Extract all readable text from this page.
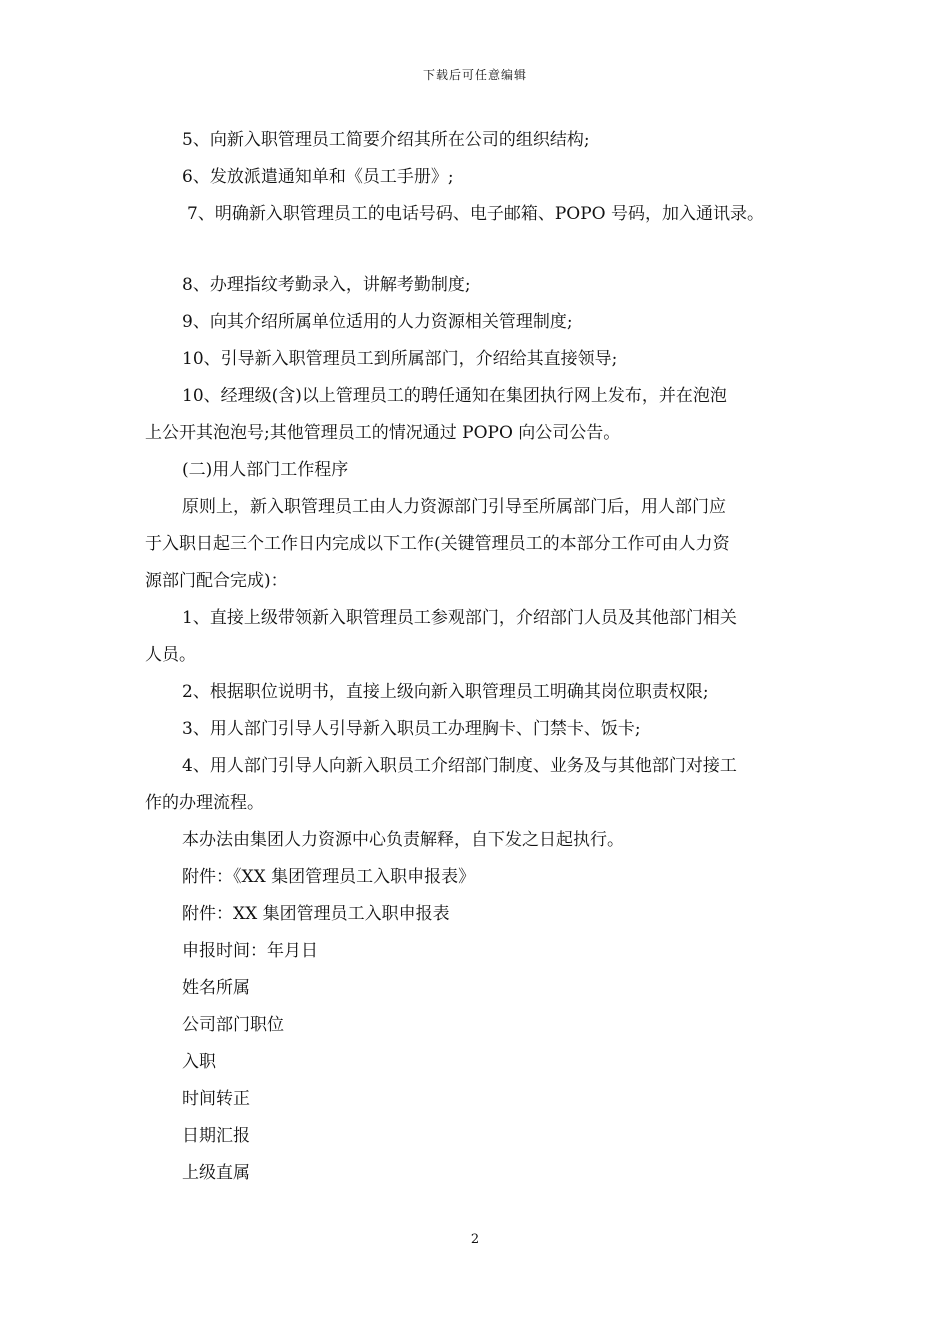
下载后可任意编辑
5、向新入职管理员工简要介绍其所在公司的组织结构;
6、发放派遣通知单和《员工手册》;
7、明确新入职管理员工的电话号码、电子邮箱、POPO 号码，加入通讯录。
8、办理指纹考勤录入，讲解考勤制度;
9、向其介绍所属单位适用的人力资源相关管理制度;
10、引导新入职管理员工到所属部门，介绍给其直接领导;
10、经理级(含)以上管理员工的聘任通知在集团执行网上发布，并在泡泡
上公开其泡泡号;其他管理员工的情况通过 POPO 向公司公告。
(二)用人部门工作程序
原则上，新入职管理员工由人力资源部门引导至所属部门后，用人部门应
于入职日起三个工作日内完成以下工作(关键管理员工的本部分工作可由人力资
源部门配合完成)：
1、直接上级带领新入职管理员工参观部门，介绍部门人员及其他部门相关
人员。
2、根据职位说明书，直接上级向新入职管理员工明确其岗位职责权限;
3、用人部门引导人引导新入职员工办理胸卡、门禁卡、饭卡;
4、用人部门引导人向新入职员工介绍部门制度、业务及与其他部门对接工
作的办理流程。
本办法由集团人力资源中心负责解释，自下发之日起执行。
附件：《XX 集团管理员工入职申报表》
附件：XX 集团管理员工入职申报表
申报时间：年月日
姓名所属
公司部门职位
入职
时间转正
日期汇报
上级直属
2
